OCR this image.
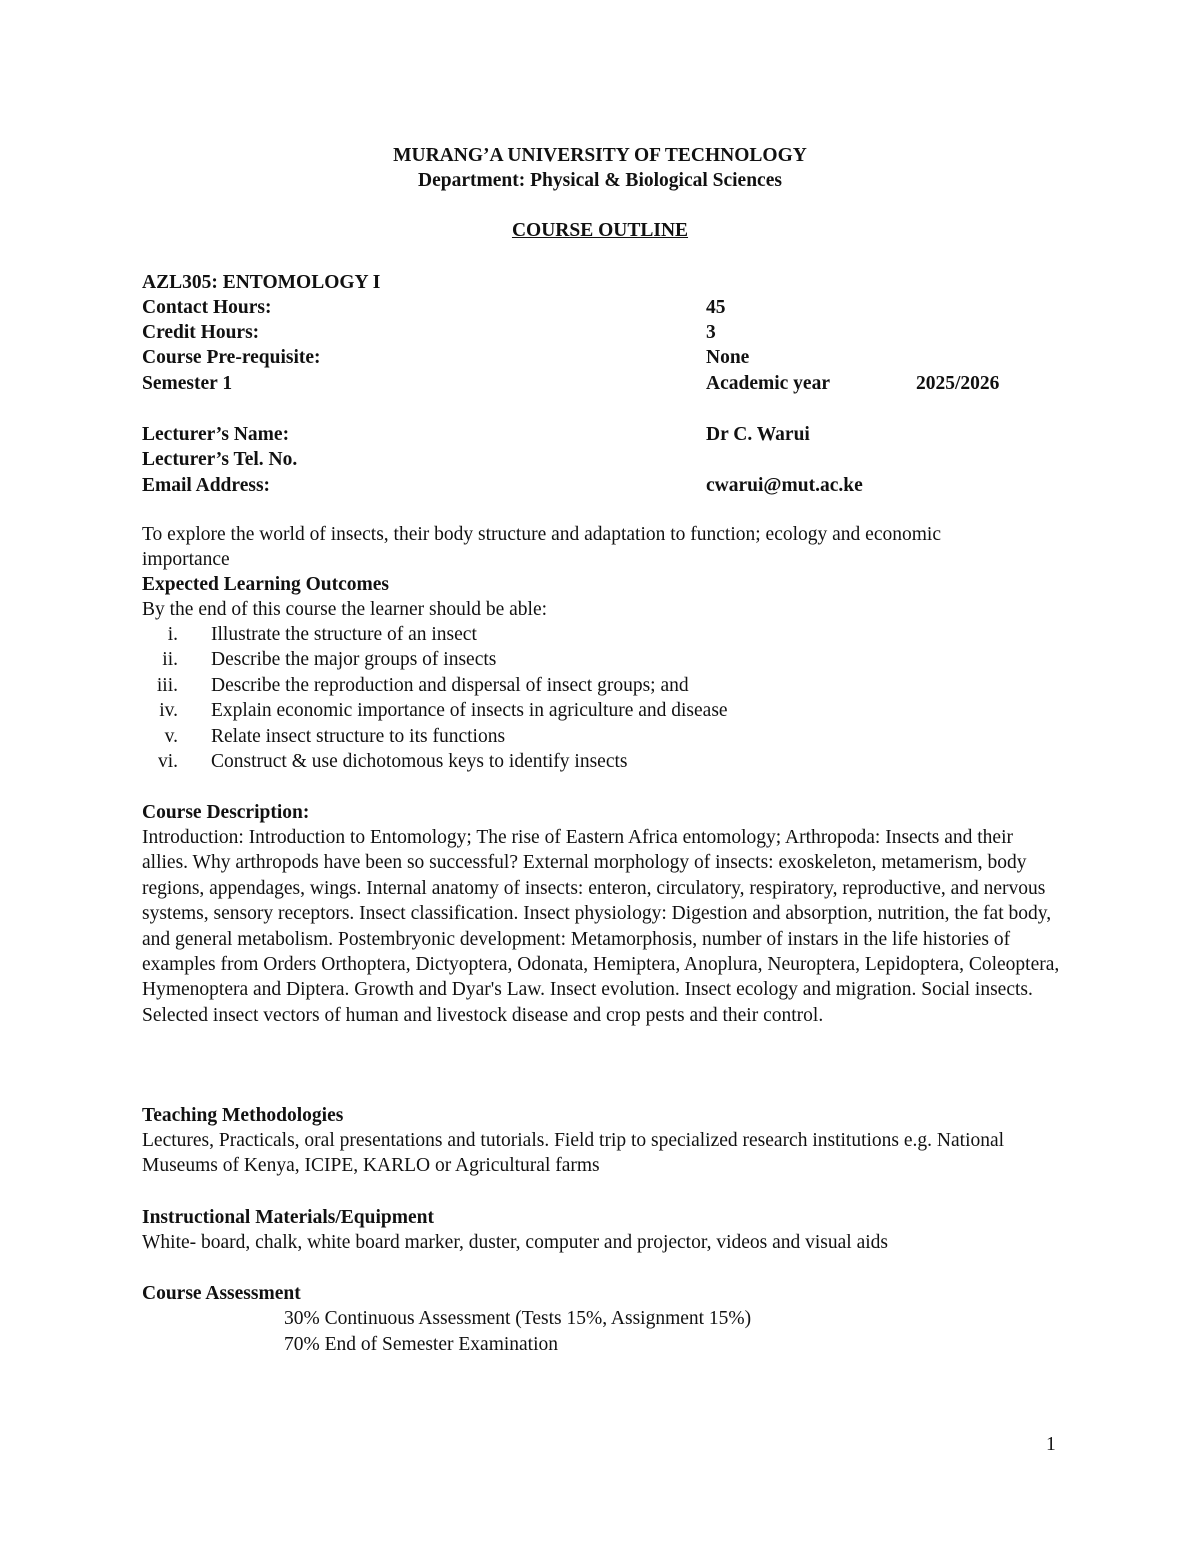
MURANG’A UNIVERSITY OF TECHNOLOGY
Department: Physical & Biological Sciences
COURSE OUTLINE
AZL305: ENTOMOLOGY I
Contact Hours:	45
Credit Hours:	3
Course Pre-requisite:	None
Semester 1	Academic year	2025/2026
Lecturer’s Name:	Dr C. Warui
Lecturer’s Tel. No.
Email Address:	cwarui@mut.ac.ke
To explore the world of insects, their body structure and adaptation to function; ecology and economic importance
Expected Learning Outcomes
By the end of this course the learner should be able:
i. Illustrate the structure of an insect
ii. Describe the major groups of insects
iii. Describe the reproduction and dispersal of insect groups; and
iv. Explain economic importance of insects in agriculture and disease
v. Relate insect structure to its functions
vi. Construct & use dichotomous keys to identify insects
Course Description:
Introduction: Introduction to Entomology; The rise of Eastern Africa entomology; Arthropoda: Insects and their allies. Why arthropods have been so successful? External morphology of insects: exoskeleton, metamerism, body regions, appendages, wings. Internal anatomy of insects: enteron, circulatory, respiratory, reproductive, and nervous systems, sensory receptors. Insect classification. Insect physiology: Digestion and absorption, nutrition, the fat body, and general metabolism. Postembryonic development: Metamorphosis, number of instars in the life histories of examples from Orders Orthoptera, Dictyoptera, Odonata, Hemiptera, Anoplura, Neuroptera, Lepidoptera, Coleoptera, Hymenoptera and Diptera. Growth and Dyar's Law. Insect evolution. Insect ecology and migration. Social insects. Selected insect vectors of human and livestock disease and crop pests and their control.
Teaching Methodologies
Lectures, Practicals, oral presentations and tutorials. Field trip to specialized research institutions e.g. National Museums of Kenya, ICIPE, KARLO or Agricultural farms
Instructional Materials/Equipment
White- board, chalk, white board marker, duster, computer and projector, videos and visual aids
Course Assessment
30% Continuous Assessment (Tests 15%, Assignment 15%)
70% End of Semester Examination
1
